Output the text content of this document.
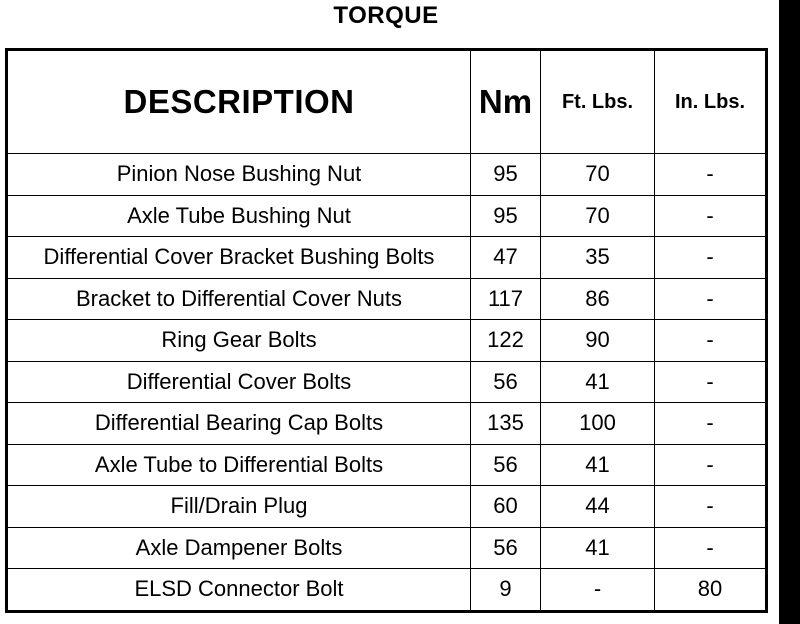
TORQUE
DESCRIPTION	Nm	Ft. Lbs.	In. Lbs.
Pinion Nose Bushing Nut	95	70	-
Axle Tube Bushing Nut	95	70	-
Differential Cover Bracket Bushing Bolts	47	35	-
Bracket to Differential Cover Nuts	117	86	-
Ring Gear Bolts	122	90	-
Differential Cover Bolts	56	41	-
Differential Bearing Cap Bolts	135	100	-
Axle Tube to Differential Bolts	56	41	-
Fill/Drain Plug	60	44	-
Axle Dampener Bolts	56	41	-
ELSD Connector Bolt	9	-	80
